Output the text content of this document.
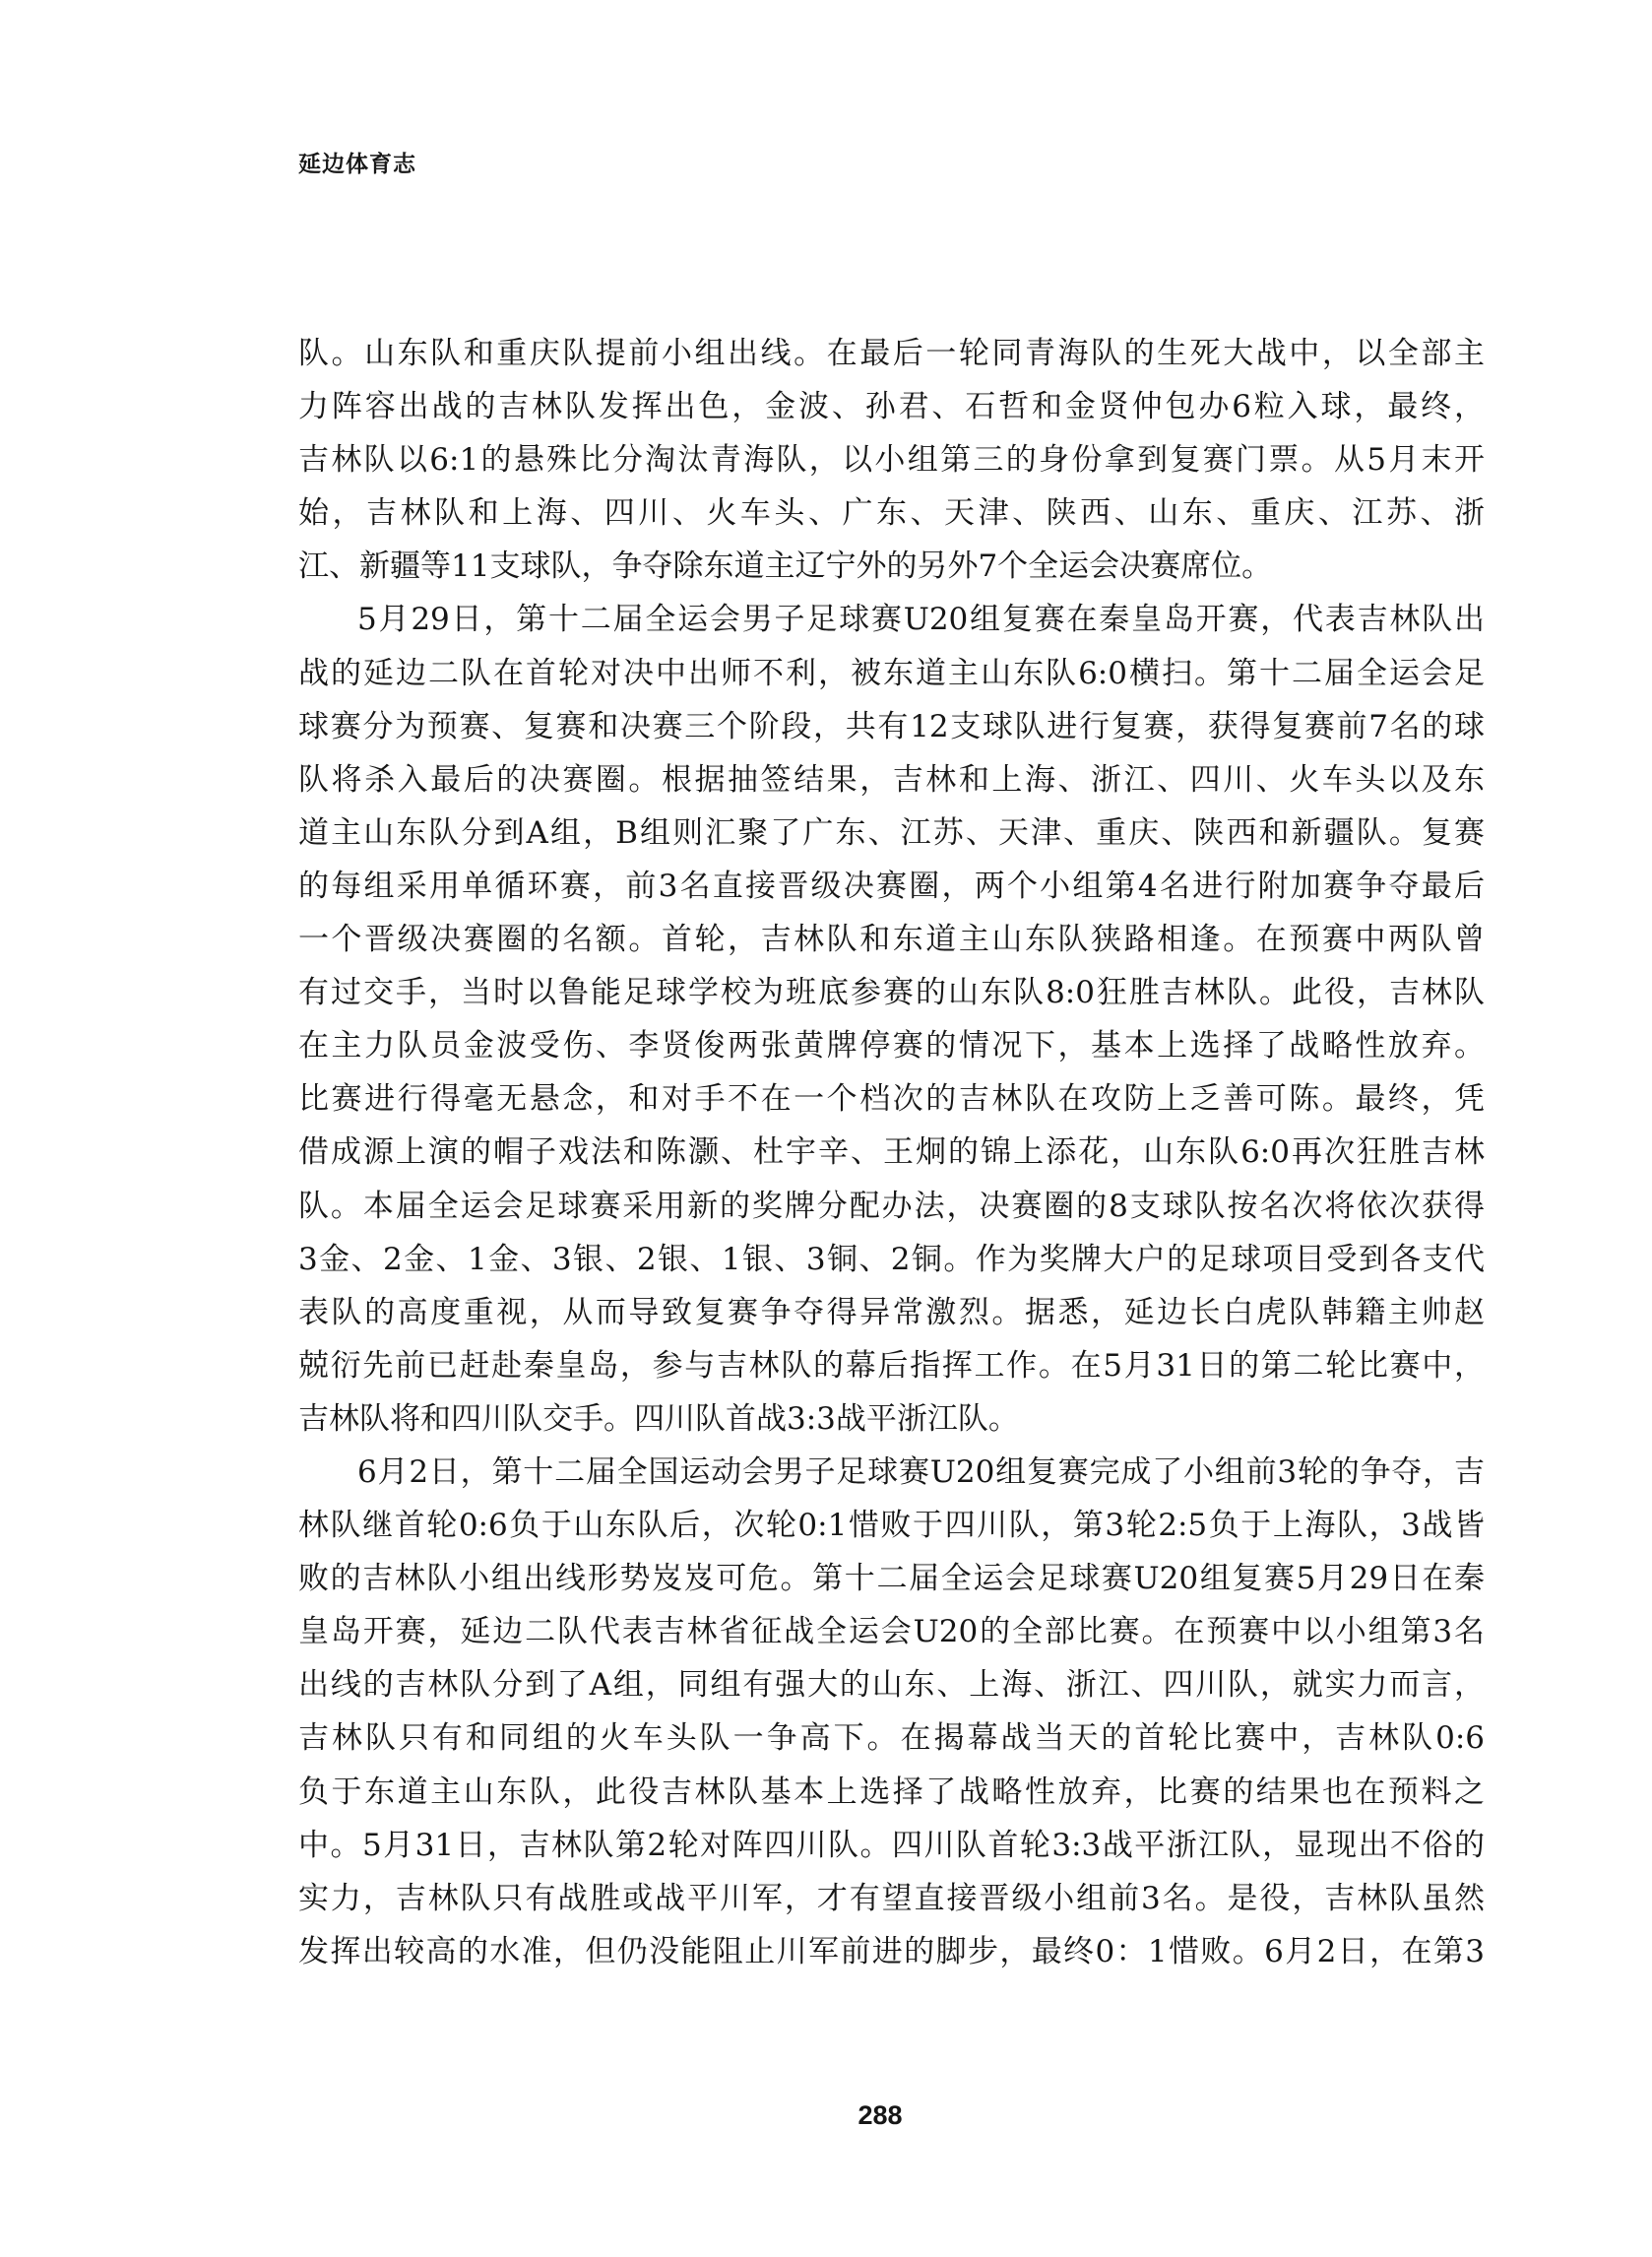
延边体育志
队。山东队和重庆队提前小组出线。在最后一轮同青海队的生死大战中，以全部主
力阵容出战的吉林队发挥出色，金波、孙君、石哲和金贤仲包办6粒入球，最终，
吉林队以6:1的悬殊比分淘汰青海队，以小组第三的身份拿到复赛门票。从5月末开
始，吉林队和上海、四川、火车头、广东、天津、陕西、山东、重庆、江苏、浙
江、新疆等11支球队，争夺除东道主辽宁外的另外7个全运会决赛席位。
5月29日，第十二届全运会男子足球赛U20组复赛在秦皇岛开赛，代表吉林队出
战的延边二队在首轮对决中出师不利，被东道主山东队6:0横扫。第十二届全运会足
球赛分为预赛、复赛和决赛三个阶段，共有12支球队进行复赛，获得复赛前7名的球
队将杀入最后的决赛圈。根据抽签结果，吉林和上海、浙江、四川、火车头以及东
道主山东队分到A组，B组则汇聚了广东、江苏、天津、重庆、陕西和新疆队。复赛
的每组采用单循环赛，前3名直接晋级决赛圈，两个小组第4名进行附加赛争夺最后
一个晋级决赛圈的名额。首轮，吉林队和东道主山东队狭路相逢。在预赛中两队曾
有过交手，当时以鲁能足球学校为班底参赛的山东队8:0狂胜吉林队。此役，吉林队
在主力队员金波受伤、李贤俊两张黄牌停赛的情况下，基本上选择了战略性放弃。
比赛进行得毫无悬念，和对手不在一个档次的吉林队在攻防上乏善可陈。最终，凭
借成源上演的帽子戏法和陈灏、杜宇辛、王炯的锦上添花，山东队6:0再次狂胜吉林
队。本届全运会足球赛采用新的奖牌分配办法，决赛圈的8支球队按名次将依次获得
3金、2金、1金、3银、2银、1银、3铜、2铜。作为奖牌大户的足球项目受到各支代
表队的高度重视，从而导致复赛争夺得异常激烈。据悉，延边长白虎队韩籍主帅赵
兢衍先前已赶赴秦皇岛，参与吉林队的幕后指挥工作。在5月31日的第二轮比赛中，
吉林队将和四川队交手。四川队首战3:3战平浙江队。
6月2日，第十二届全国运动会男子足球赛U20组复赛完成了小组前3轮的争夺，吉
林队继首轮0:6负于山东队后，次轮0:1惜败于四川队，第3轮2:5负于上海队，3战皆
败的吉林队小组出线形势岌岌可危。第十二届全运会足球赛U20组复赛5月29日在秦
皇岛开赛，延边二队代表吉林省征战全运会U20的全部比赛。在预赛中以小组第3名
出线的吉林队分到了A组，同组有强大的山东、上海、浙江、四川队，就实力而言，
吉林队只有和同组的火车头队一争高下。在揭幕战当天的首轮比赛中，吉林队0:6
负于东道主山东队，此役吉林队基本上选择了战略性放弃，比赛的结果也在预料之
中。5月31日，吉林队第2轮对阵四川队。四川队首轮3:3战平浙江队，显现出不俗的
实力，吉林队只有战胜或战平川军，才有望直接晋级小组前3名。是役，吉林队虽然
发挥出较高的水准，但仍没能阻止川军前进的脚步，最终0：1惜败。6月2日，在第3
288
